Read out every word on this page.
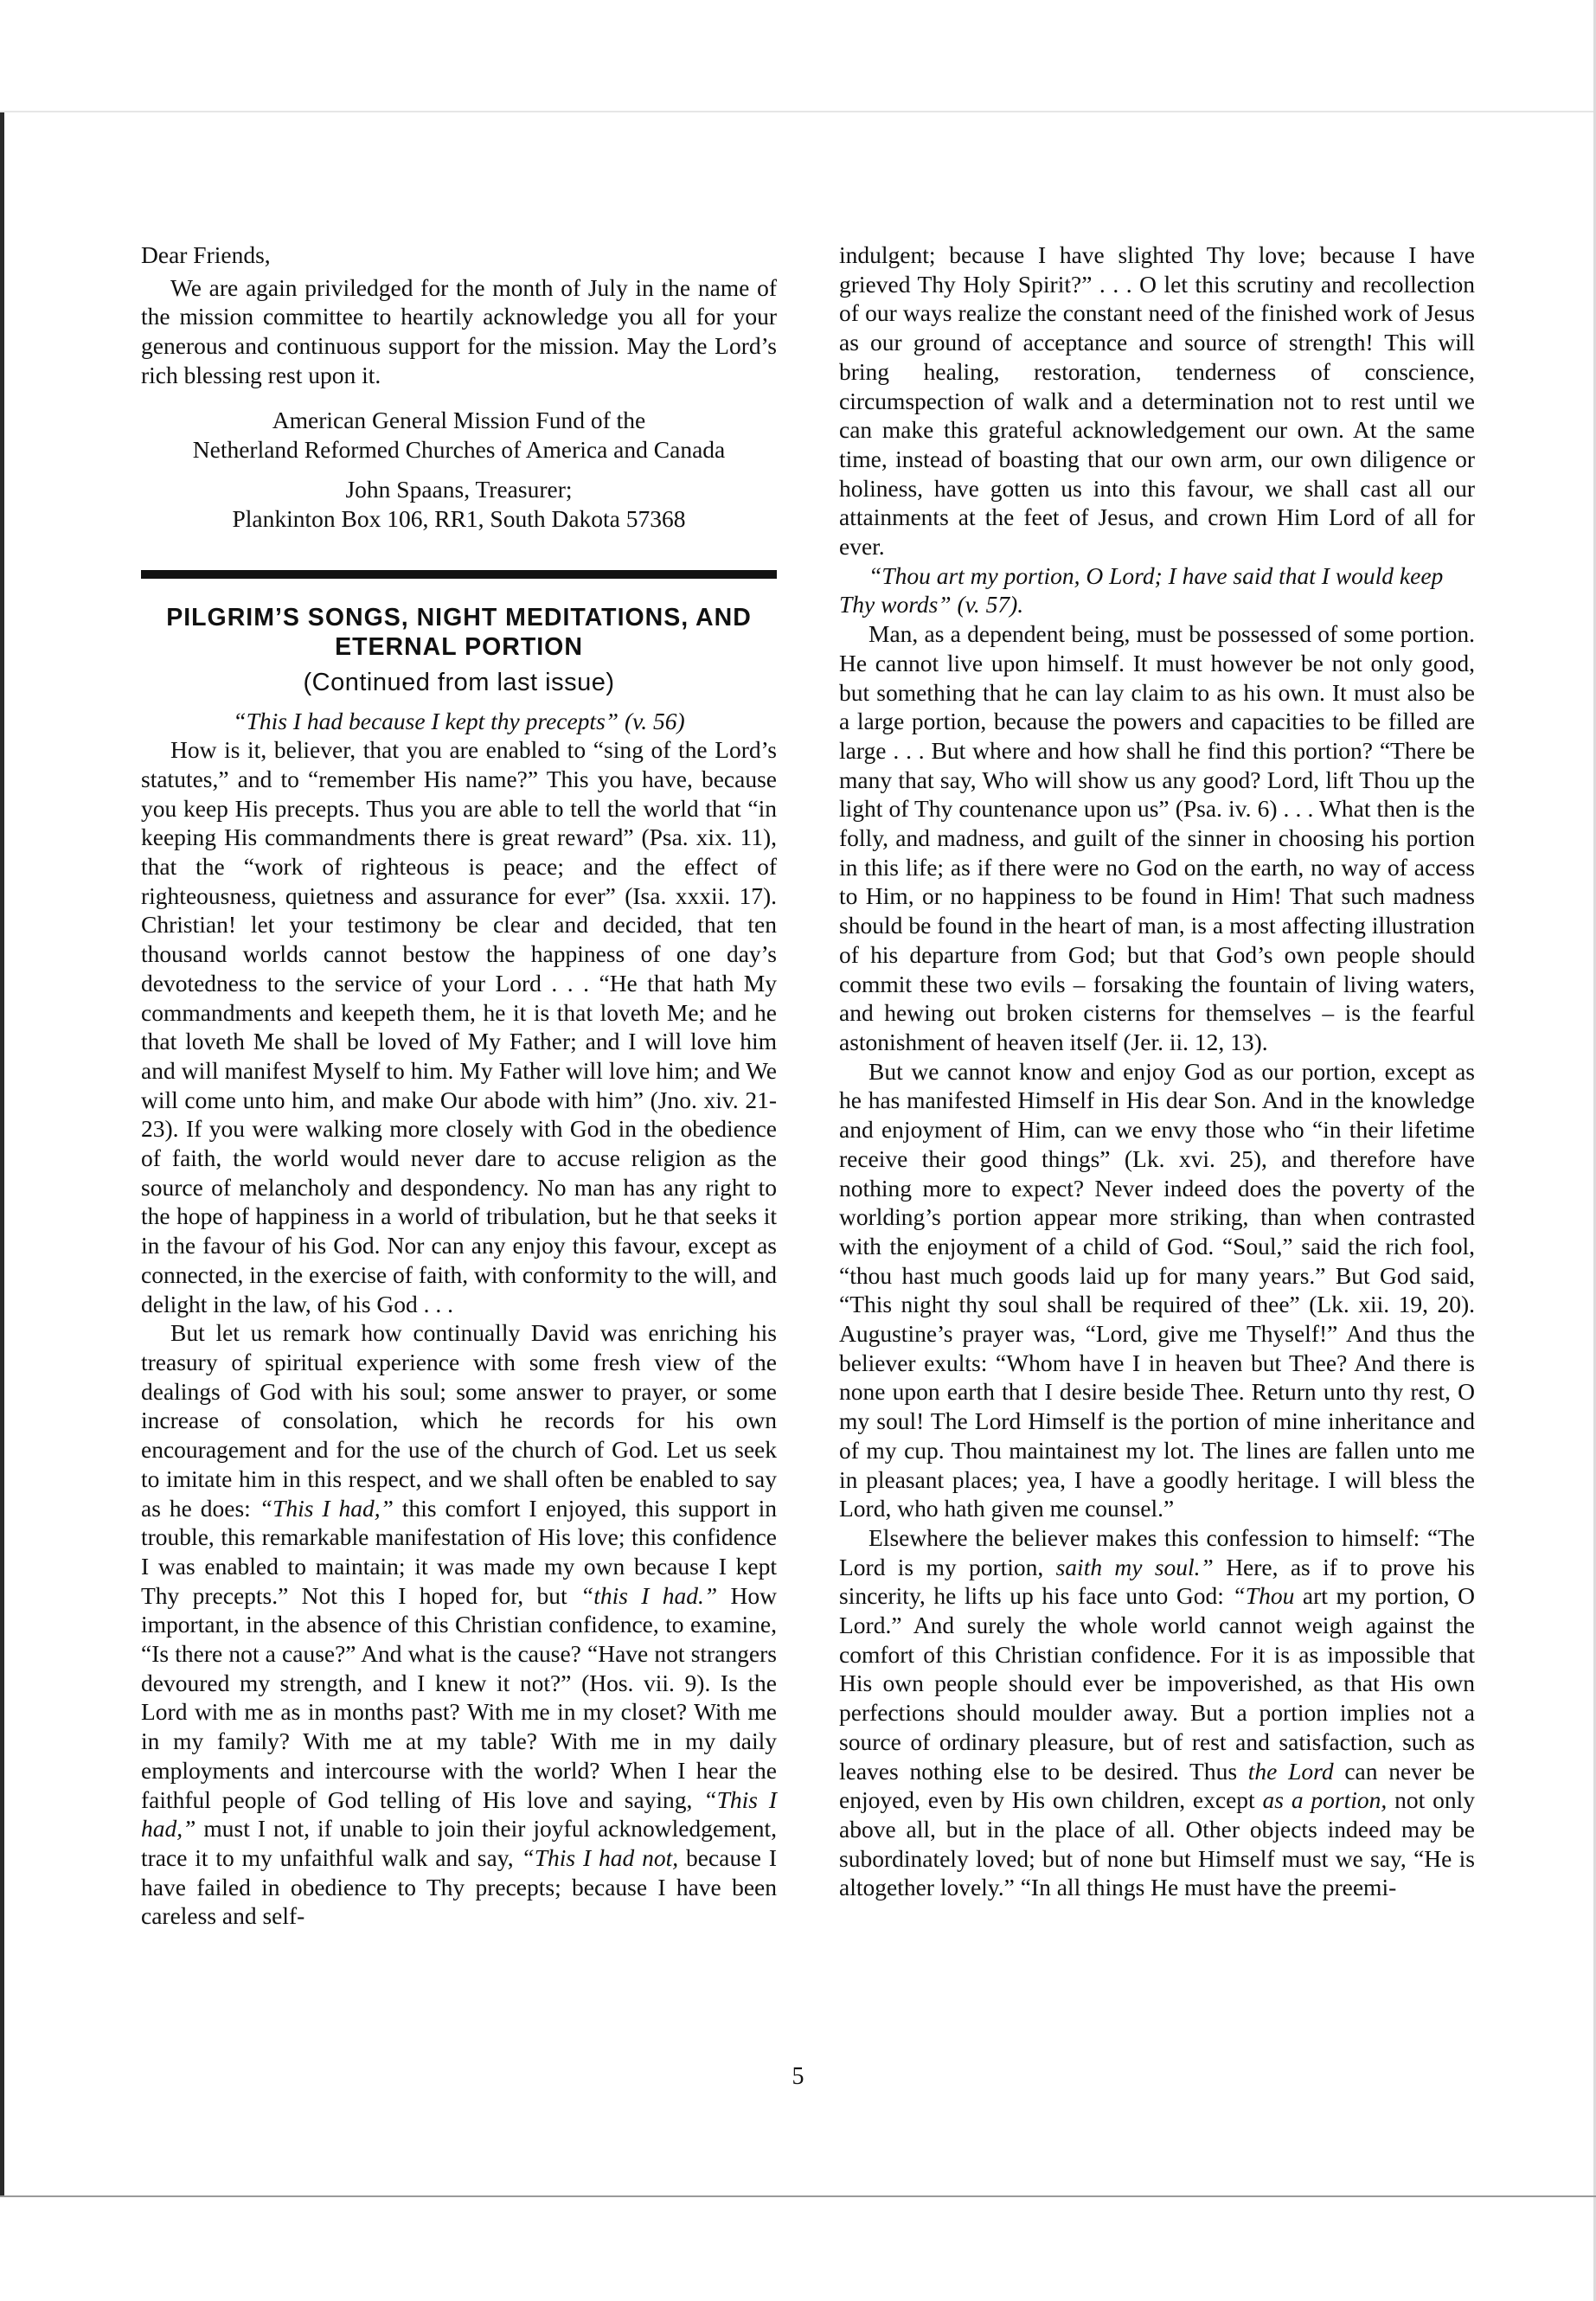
Dear Friends,

We are again priviledged for the month of July in the name of the mission committee to heartily acknowledge you all for your generous and continuous support for the mission. May the Lord’s rich blessing rest upon it.

American General Mission Fund of the

Netherland Reformed Churches of America and Canada

John Spaans, Treasurer;

Plankinton Box 106, RR1, South Dakota 57368

PILGRIM’S SONGS, NIGHT MEDITATIONS, AND
ETERNAL PORTION

(Continued from last issue)

“This I had because I kept thy precepts” (v. 56)

How is it, believer, that you are enabled to “sing of the Lord’s statutes,” and to “remember His name?” This you have, because you keep His precepts. Thus you are able to tell the world that “in keeping His commandments there is great reward” (Psa. xix. 11), that the “work of righteous is peace; and the effect of righteousness, quietness and assurance for ever” (Isa. xxxii. 17). Christian! let your testimony be clear and decided, that ten thousand worlds cannot bestow the happiness of one day’s devotedness to the service of your Lord . . . “He that hath My commandments and keepeth them, he it is that loveth Me; and he that loveth Me shall be loved of My Father; and I will love him and will manifest Myself to him. My Father will love him; and We will come unto him, and make Our abode with him” (Jno. xiv. 21-23). If you were walking more closely with God in the obedience of faith, the world would never dare to accuse religion as the source of melancholy and despondency. No man has any right to the hope of happiness in a world of tribulation, but he that seeks it in the favour of his God. Nor can any enjoy this favour, except as connected, in the exercise of faith, with conformity to the will, and delight in the law, of his God . . .

But let us remark how continually David was enriching his treasury of spiritual experience with some fresh view of the dealings of God with his soul; some answer to prayer, or some increase of consolation, which he records for his own encouragement and for the use of the church of God. Let us seek to imitate him in this respect, and we shall often be enabled to say as he does: “This I had,” this comfort I enjoyed, this support in trouble, this remarkable manifestation of His love; this confidence I was enabled to maintain; it was made my own because I kept Thy precepts.” Not this I hoped for, but “this I had.” How important, in the absence of this Christian confidence, to examine, “Is there not a cause?” And what is the cause? “Have not strangers devoured my strength, and I knew it not?” (Hos. vii. 9). Is the Lord with me as in months past? With me in my closet? With me in my family? With me at my table? With me in my daily employments and intercourse with the world? When I hear the faithful people of God telling of His love and saying, “This I had,” must I not, if unable to join their joyful acknowledgement, trace it to my unfaithful walk and say, “This I had not, because I have failed in obedience to Thy precepts; because I have been careless and self-

indulgent; because I have slighted Thy love; because I have grieved Thy Holy Spirit?” . . . O let this scrutiny and recollection of our ways realize the constant need of the finished work of Jesus as our ground of acceptance and source of strength! This will bring healing, restoration, tenderness of conscience, circumspection of walk and a determination not to rest until we can make this grateful acknowledgement our own. At the same time, instead of boasting that our own arm, our own diligence or holiness, have gotten us into this favour, we shall cast all our attainments at the feet of Jesus, and crown Him Lord of all for ever.

“Thou art my portion, O Lord; I have said that I would keep Thy words” (v. 57).

Man, as a dependent being, must be possessed of some portion. He cannot live upon himself. It must however be not only good, but something that he can lay claim to as his own. It must also be a large portion, because the powers and capacities to be filled are large . . . But where and how shall he find this portion? “There be many that say, Who will show us any good? Lord, lift Thou up the light of Thy countenance upon us” (Psa. iv. 6) . . . What then is the folly, and madness, and guilt of the sinner in choosing his portion in this life; as if there were no God on the earth, no way of access to Him, or no happiness to be found in Him! That such madness should be found in the heart of man, is a most affecting illustration of his departure from God; but that God’s own people should commit these two evils – forsaking the fountain of living waters, and hewing out broken cisterns for themselves – is the fearful astonishment of heaven itself (Jer. ii. 12, 13).

But we cannot know and enjoy God as our portion, except as he has manifested Himself in His dear Son. And in the knowledge and enjoyment of Him, can we envy those who “in their lifetime receive their good things” (Lk. xvi. 25), and therefore have nothing more to expect? Never indeed does the poverty of the worlding’s portion appear more striking, than when contrasted with the enjoyment of a child of God. “Soul,” said the rich fool, “thou hast much goods laid up for many years.” But God said, “This night thy soul shall be required of thee” (Lk. xii. 19, 20). Augustine’s prayer was, “Lord, give me Thyself!” And thus the believer exults: “Whom have I in heaven but Thee? And there is none upon earth that I desire beside Thee. Return unto thy rest, O my soul! The Lord Himself is the portion of mine inheritance and of my cup. Thou maintainest my lot. The lines are fallen unto me in pleasant places; yea, I have a goodly heritage. I will bless the Lord, who hath given me counsel.”

Elsewhere the believer makes this confession to himself: “The Lord is my portion, saith my soul.” Here, as if to prove his sincerity, he lifts up his face unto God: “Thou art my portion, O Lord.” And surely the whole world cannot weigh against the comfort of this Christian confidence. For it is as impossible that His own people should ever be impoverished, as that His own perfections should moulder away. But a portion implies not a source of ordinary pleasure, but of rest and satisfaction, such as leaves nothing else to be desired. Thus the Lord can never be enjoyed, even by His own children, except as a portion, not only above all, but in the place of all. Other objects indeed may be subordinately loved; but of none but Himself must we say, “He is altogether lovely.” “In all things He must have the preemi-

5
